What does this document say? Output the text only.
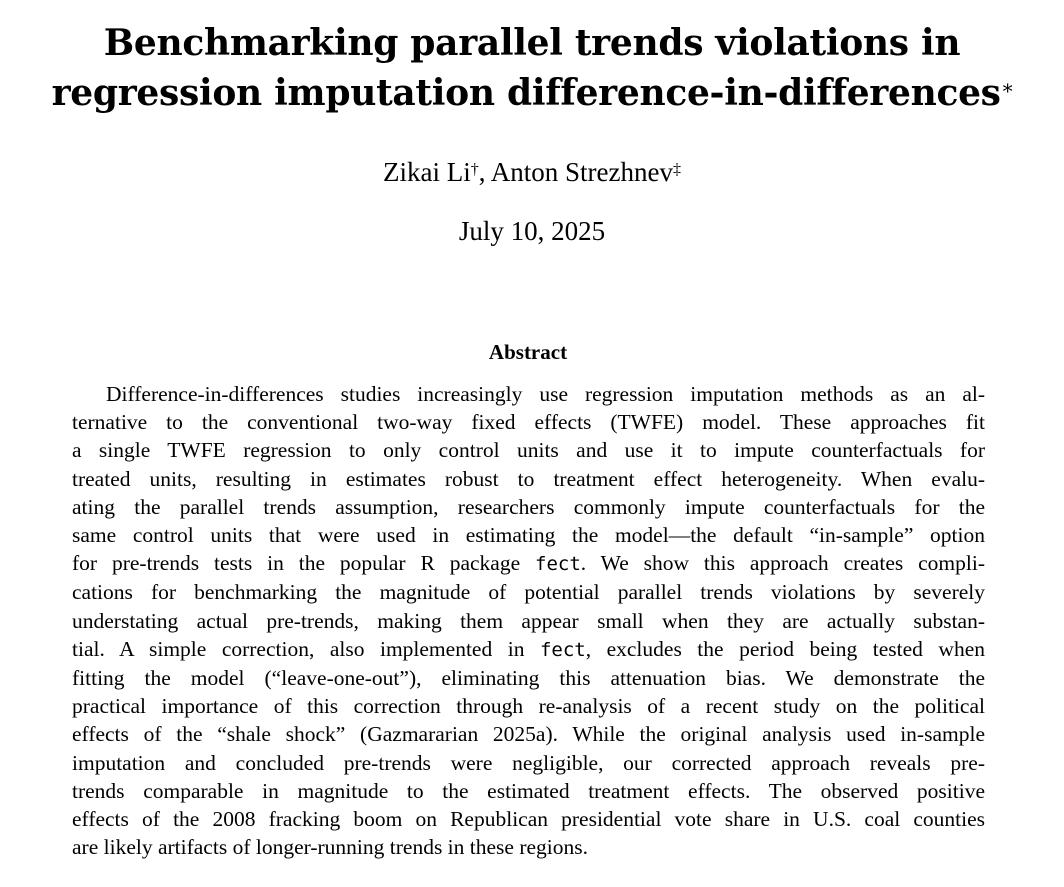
Benchmarking parallel trends violations in
regression imputation difference-in-differences *
Zikai Li†, Anton Strezhnev‡
July 10, 2025
Abstract
Difference-in-differences studies increasingly use regression imputation methods as an al-
ternative to the conventional two-way fixed effects (TWFE) model. These approaches fit
a single TWFE regression to only control units and use it to impute counterfactuals for
treated units, resulting in estimates robust to treatment effect heterogeneity. When evalu-
ating the parallel trends assumption, researchers commonly impute counterfactuals for the
same control units that were used in estimating the model—the default “in-sample” option
for pre-trends tests in the popular R package fect. We show this approach creates compli-
cations for benchmarking the magnitude of potential parallel trends violations by severely
understating actual pre-trends, making them appear small when they are actually substan-
tial. A simple correction, also implemented in fect, excludes the period being tested when
fitting the model (“leave-one-out”), eliminating this attenuation bias. We demonstrate the
practical importance of this correction through re-analysis of a recent study on the political
effects of the “shale shock” (Gazmararian 2025a). While the original analysis used in-sample
imputation and concluded pre-trends were negligible, our corrected approach reveals pre-
trends comparable in magnitude to the estimated treatment effects. The observed positive
effects of the 2008 fracking boom on Republican presidential vote share in U.S. coal counties
are likely artifacts of longer-running trends in these regions.
